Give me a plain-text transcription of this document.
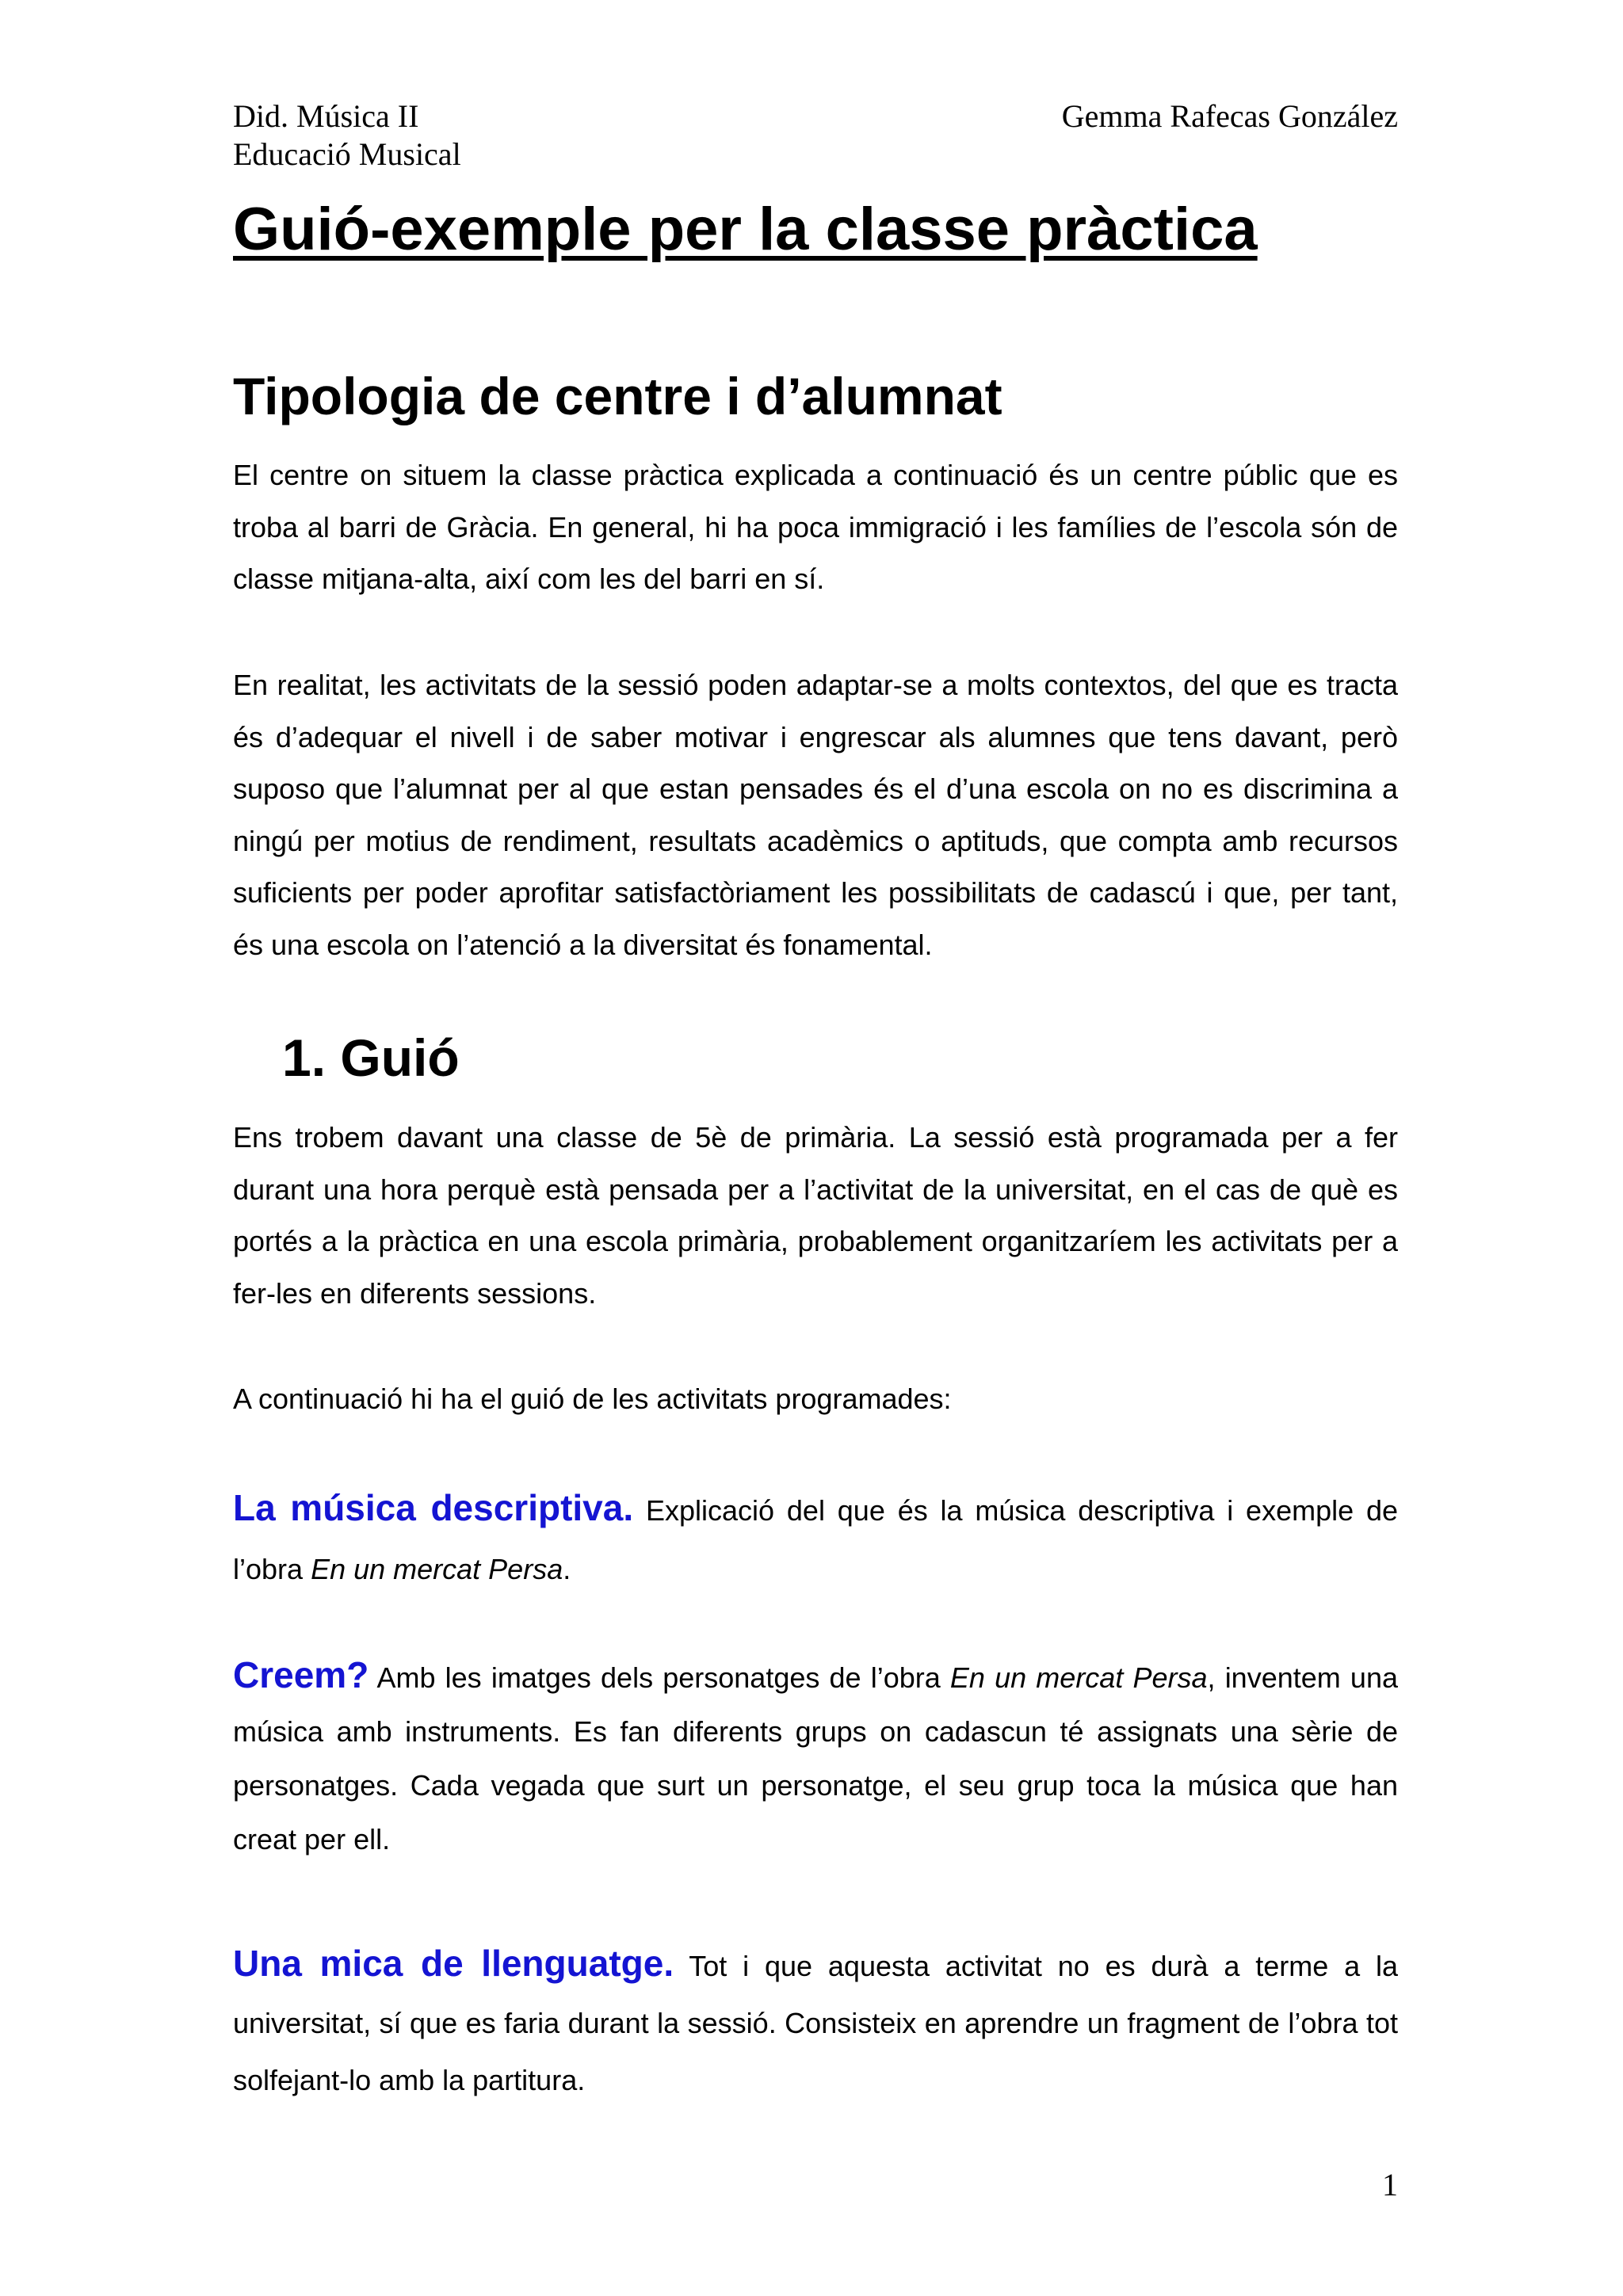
Did. Música II
Educació Musical
Gemma Rafecas González
Guió-exemple per la classe pràctica
Tipologia de centre i d’alumnat

El centre on situem la classe pràctica explicada a continuació és un centre públic que es troba al barri de Gràcia. En general, hi ha poca immigració i les famílies de l’escola són de classe mitjana-alta, així com les del barri en sí.

En realitat, les activitats de la sessió poden adaptar-se a molts contextos, del que es tracta és d’adequar el nivell i de saber motivar i engrescar als alumnes que tens davant, però suposo que l’alumnat per al que estan pensades és el d’una escola on no es discrimina a ningú per motius de rendiment, resultats acadèmics o aptituds, que compta amb recursos suficients per poder aprofitar satisfactòriament les possibilitats de cadascú i que, per tant, és una escola on l’atenció a la diversitat és fonamental.

1. Guió

Ens trobem davant una classe de 5è de primària. La sessió està programada per a fer durant una hora perquè està pensada per a l’activitat de la universitat, en el cas de què es portés a la pràctica en una escola primària, probablement organitzaríem les activitats per a fer-les en diferents sessions.

A continuació hi ha el guió de les activitats programades:

La música descriptiva. Explicació del que és la música descriptiva i exemple de l’obra En un mercat Persa.

Creem? Amb les imatges dels personatges de l’obra En un mercat Persa, inventem una música amb instruments. Es fan diferents grups on cadascun té assignats una sèrie de personatges. Cada vegada que surt un personatge, el seu grup toca la música que han creat per ell.

Una mica de llenguatge. Tot i que aquesta activitat no es durà a terme a la universitat, sí que es faria durant la sessió. Consisteix en aprendre un fragment de l’obra tot solfejant-lo amb la partitura.

1
